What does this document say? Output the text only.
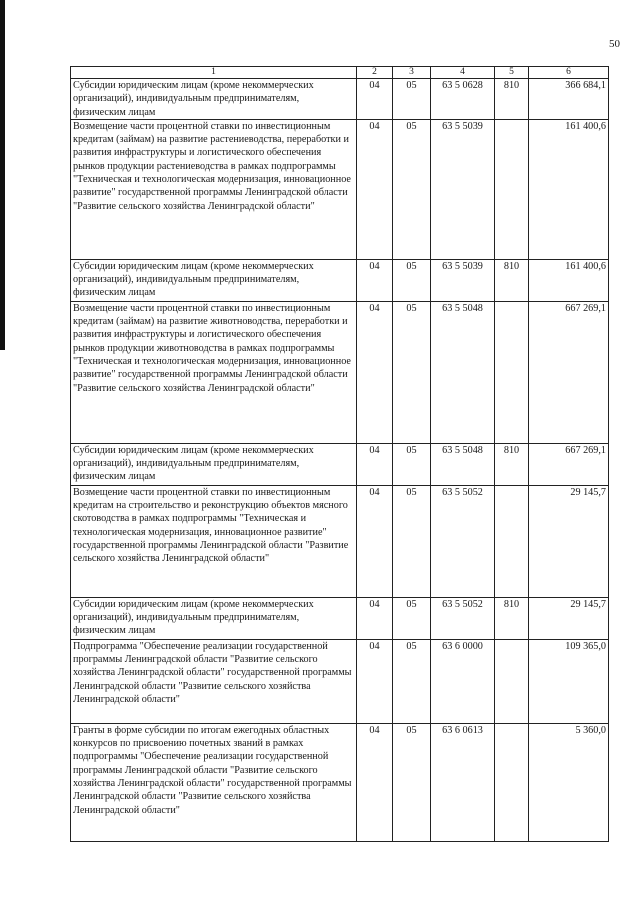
50
1	2	3	4	5	6
Субсидии юридическим лицам (кроме некоммерческих организаций), индивидуальным предпринимателям, физическим лицам	04	05	63 5 0628	810	366 684,1
Возмещение части процентной ставки по инвестиционным кредитам (займам) на развитие растениеводства, переработки и развития инфраструктуры и логистического обеспечения рынков продукции растениеводства в рамках подпрограммы "Техническая и технологическая модернизация, инновационное развитие" государственной программы Ленинградской области "Развитие сельского хозяйства Ленинградской области"	04	05	63 5 5039		161 400,6
Субсидии юридическим лицам (кроме некоммерческих организаций), индивидуальным предпринимателям, физическим лицам	04	05	63 5 5039	810	161 400,6
Возмещение части процентной ставки по инвестиционным кредитам (займам) на развитие животноводства, переработки и развития инфраструктуры и логистического обеспечения рынков продукции животноводства в рамках подпрограммы "Техническая и технологическая модернизация, инновационное развитие" государственной программы Ленинградской области "Развитие сельского хозяйства Ленинградской области"	04	05	63 5 5048		667 269,1
Субсидии юридическим лицам (кроме некоммерческих организаций), индивидуальным предпринимателям, физическим лицам	04	05	63 5 5048	810	667 269,1
Возмещение части процентной ставки по инвестиционным кредитам на строительство и реконструкцию объектов мясного скотоводства в рамках подпрограммы "Техническая и технологическая модернизация, инновационное развитие" государственной программы Ленинградской области "Развитие сельского хозяйства Ленинградской области"	04	05	63 5 5052		29 145,7
Субсидии юридическим лицам (кроме некоммерческих организаций), индивидуальным предпринимателям, физическим лицам	04	05	63 5 5052	810	29 145,7
Подпрограмма "Обеспечение реализации государственной программы Ленинградской области "Развитие сельского хозяйства Ленинградской области" государственной программы Ленинградской области "Развитие сельского хозяйства Ленинградской области"	04	05	63 6 0000		109 365,0
Гранты в форме субсидии по итогам ежегодных областных конкурсов по присвоению почетных званий в рамках подпрограммы "Обеспечение реализации государственной программы Ленинградской области "Развитие сельского хозяйства Ленинградской области" государственной программы Ленинградской области "Развитие сельского хозяйства Ленинградской области"	04	05	63 6 0613		5 360,0
